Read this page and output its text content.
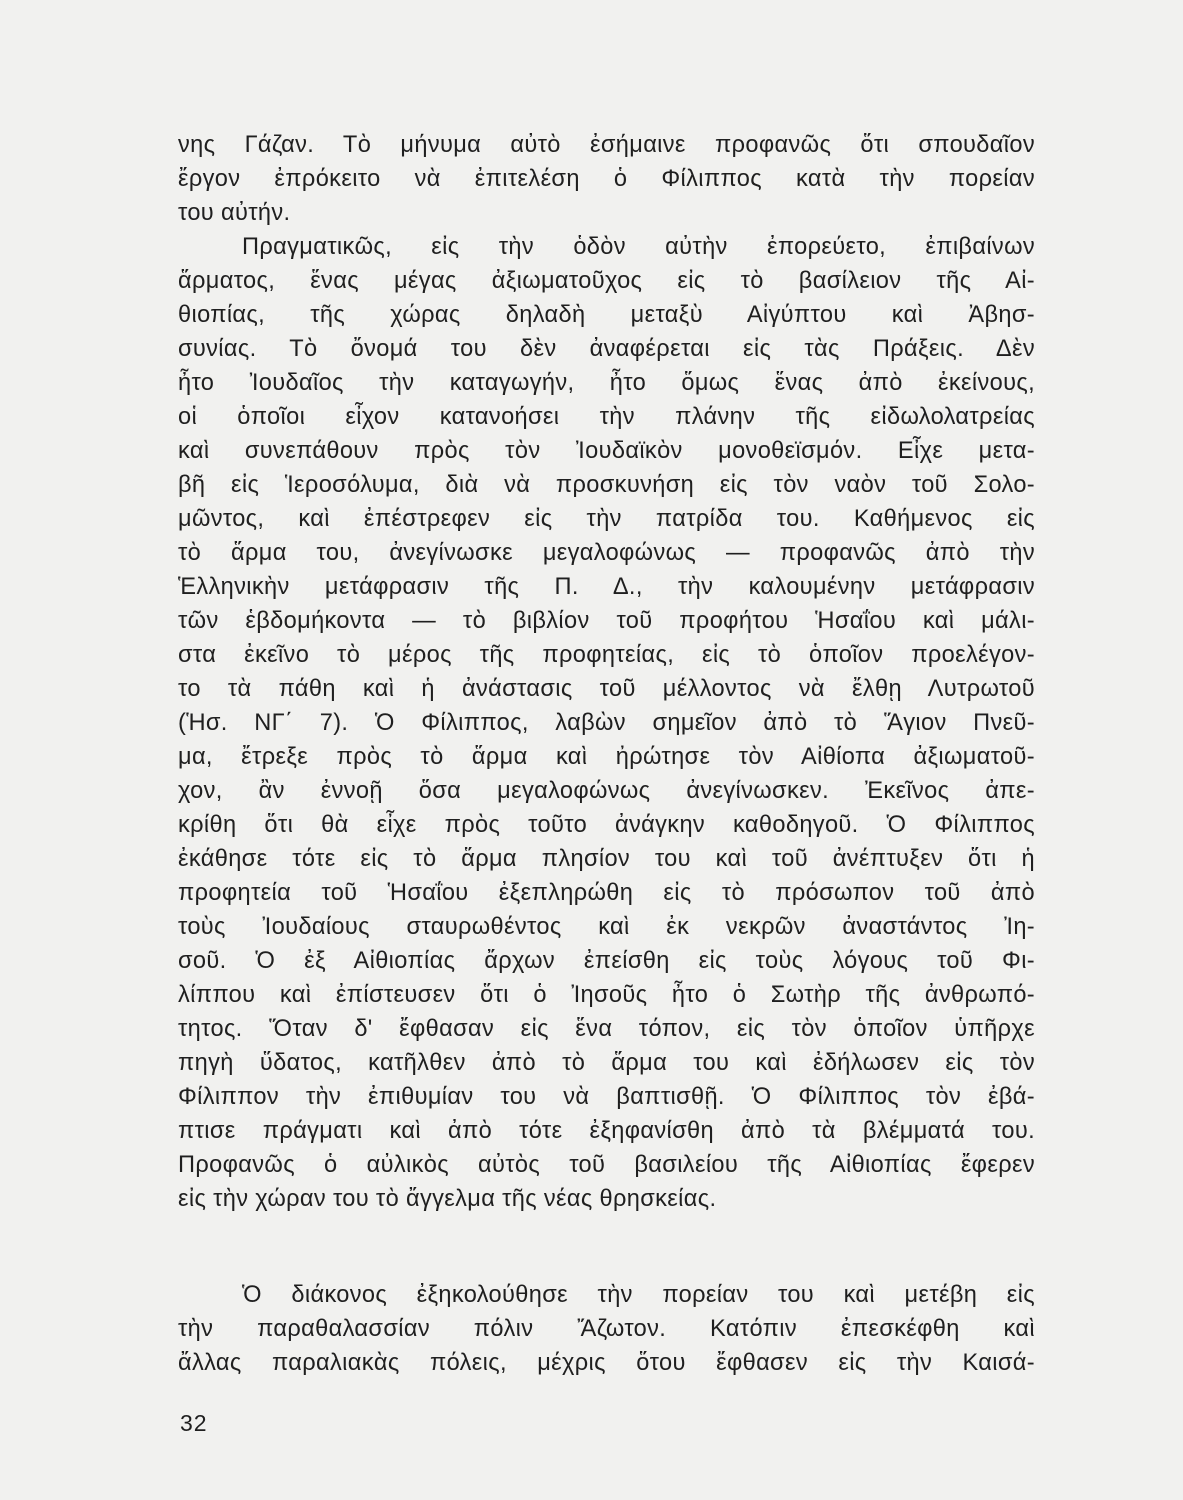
νης Γάζαν. Τὸ μήνυμα αὐτὸ ἐσήμαινε προφανῶς ὅτι σπουδαῖον
ἔργον ἐπρόκειτο νὰ ἐπιτελέση ὁ Φίλιππος κατὰ τὴν πορείαν
του αὐτήν.
Πραγματικῶς, εἰς τὴν ὁδὸν αὐτὴν ἐπορεύετο, ἐπιβαίνων
ἅρματος, ἕνας μέγας ἀξιωματοῦχος εἰς τὸ βασίλειον τῆς Αἰ-
θιοπίας, τῆς χώρας δηλαδὴ μεταξὺ Αἰγύπτου καὶ Ἀβησ-
συνίας. Τὸ ὄνομά του δὲν ἀναφέρεται εἰς τὰς Πράξεις. Δὲν
ἦτο Ἰουδαῖος τὴν καταγωγήν, ἦτο ὅμως ἕνας ἀπὸ ἐκείνους,
οἱ ὁποῖοι εἶχον κατανοήσει τὴν πλάνην τῆς εἰδωλολατρείας
καὶ συνεπάθουν πρὸς τὸν Ἰουδαϊκὸν μονοθεϊσμόν. Εἶχε μετα-
βῆ εἰς Ἱεροσόλυμα, διὰ νὰ προσκυνήση εἰς τὸν ναὸν τοῦ Σολο-
μῶντος, καὶ ἐπέστρεφεν εἰς τὴν πατρίδα του. Καθήμενος εἰς
τὸ ἅρμα του, ἀνεγίνωσκε μεγαλοφώνως — προφανῶς ἀπὸ τὴν
Ἑλληνικὴν μετάφρασιν τῆς Π. Δ., τὴν καλουμένην μετάφρασιν
τῶν ἑβδομήκοντα — τὸ βιβλίον τοῦ προφήτου Ἡσαΐου καὶ μάλι-
στα ἐκεῖνο τὸ μέρος τῆς προφητείας, εἰς τὸ ὁποῖον προελέγον-
το τὰ πάθη καὶ ἡ ἀνάστασις τοῦ μέλλοντος νὰ ἔλθῃ Λυτρωτοῦ
(Ἡσ. ΝΓ΄ 7). Ὁ Φίλιππος, λαβὼν σημεῖον ἀπὸ τὸ Ἅγιον Πνεῦ-
μα, ἔτρεξε πρὸς τὸ ἅρμα καὶ ἠρώτησε τὸν Αἰθίοπα ἀξιωματοῦ-
χον, ἂν ἐννοῇ ὅσα μεγαλοφώνως ἀνεγίνωσκεν. Ἐκεῖνος ἀπε-
κρίθη ὅτι θὰ εἶχε πρὸς τοῦτο ἀνάγκην καθοδηγοῦ. Ὁ Φίλιππος
ἐκάθησε τότε εἰς τὸ ἅρμα πλησίον του καὶ τοῦ ἀνέπτυξεν ὅτι ἡ
προφητεία τοῦ Ἡσαΐου ἐξεπληρώθη εἰς τὸ πρόσωπον τοῦ ἀπὸ
τοὺς Ἰουδαίους σταυρωθέντος καὶ ἐκ νεκρῶν ἀναστάντος Ἰη-
σοῦ. Ὁ ἐξ Αἰθιοπίας ἄρχων ἐπείσθη εἰς τοὺς λόγους τοῦ Φι-
λίππου καὶ ἐπίστευσεν ὅτι ὁ Ἰησοῦς ἦτο ὁ Σωτὴρ τῆς ἀνθρωπό-
τητος. Ὅταν δ' ἔφθασαν εἰς ἕνα τόπον, εἰς τὸν ὁποῖον ὑπῆρχε
πηγὴ ὕδατος, κατῆλθεν ἀπὸ τὸ ἅρμα του καὶ ἐδήλωσεν εἰς τὸν
Φίλιππον τὴν ἐπιθυμίαν του νὰ βαπτισθῇ. Ὁ Φίλιππος τὸν ἐβά-
πτισε πράγματι καὶ ἀπὸ τότε ἐξηφανίσθη ἀπὸ τὰ βλέμματά του.
Προφανῶς ὁ αὐλικὸς αὐτὸς τοῦ βασιλείου τῆς Αἰθιοπίας ἔφερεν
εἰς τὴν χώραν του τὸ ἄγγελμα τῆς νέας θρησκείας.
Ὁ διάκονος ἐξηκολούθησε τὴν πορείαν του καὶ μετέβη εἰς
τὴν παραθαλασσίαν πόλιν Ἄζωτον. Κατόπιν ἐπεσκέφθη καὶ
ἄλλας παραλιακὰς πόλεις, μέχρις ὅτου ἔφθασεν εἰς τὴν Καισά-
32
